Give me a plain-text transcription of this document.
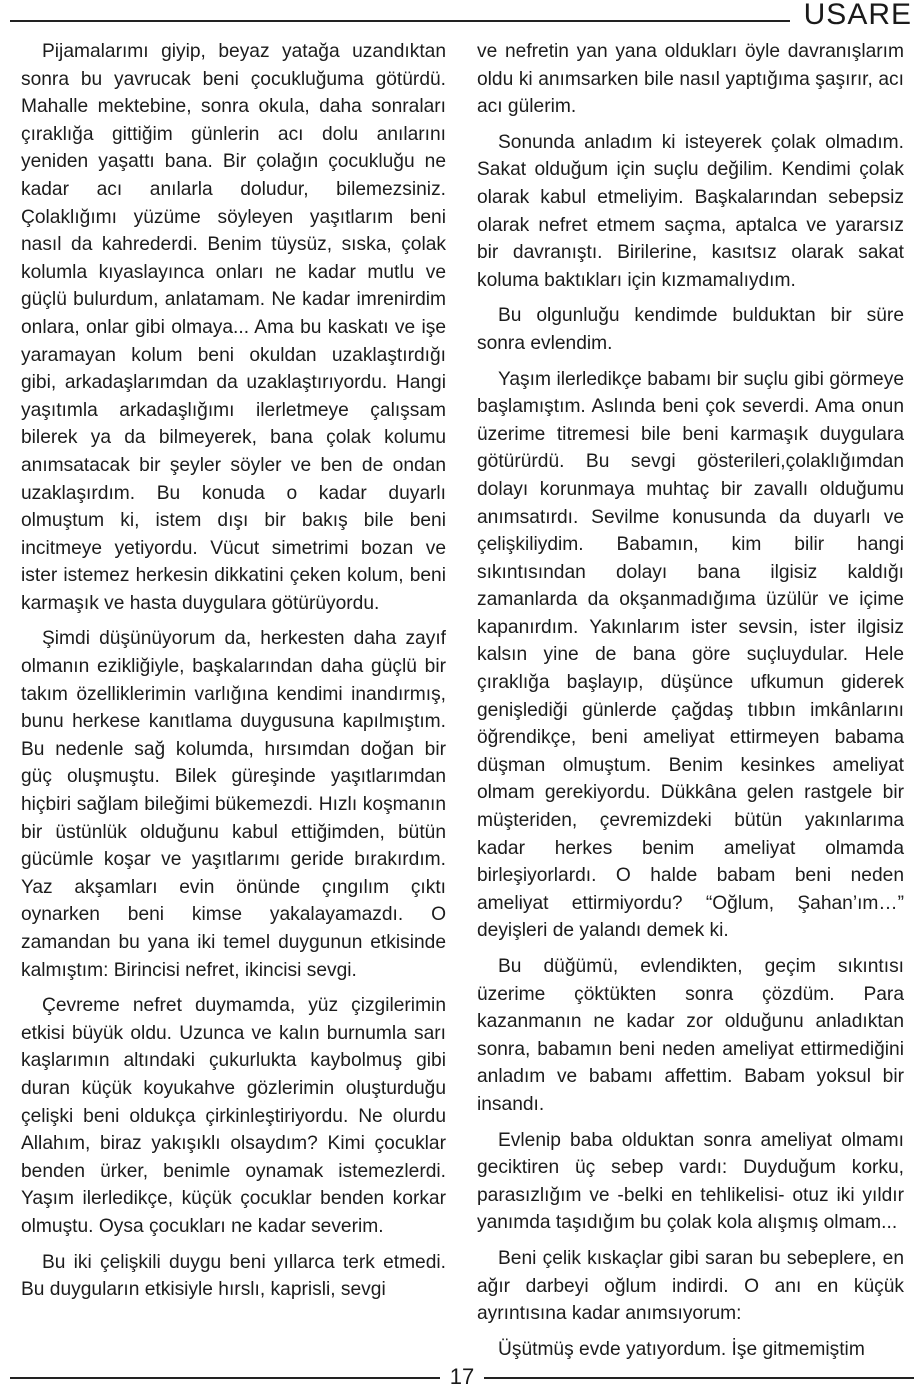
USARE

Pijamalarımı giyip, beyaz yatağa uzandıktan sonra bu yavrucak beni çocukluğuma götürdü. Mahalle mektebine, sonra okula, daha sonraları çıraklığa gittiğim günlerin acı dolu anılarını yeniden yaşattı bana. Bir çolağın çocukluğu ne kadar acı anılarla doludur, bilemezsiniz. Çolaklığımı yüzüme söyleyen yaşıtlarım beni nasıl da kahrederdi. Benim tüysüz, sıska, çolak kolumla kıyaslayınca onları ne kadar mutlu ve güçlü bulurdum, anlatamam. Ne kadar imrenirdim onlara, onlar gibi olmaya... Ama bu kaskatı ve işe yaramayan kolum beni okuldan uzaklaştırdığı gibi, arkadaşlarımdan da uzaklaştırıyordu. Hangi yaşıtımla arkadaşlığımı ilerletmeye çalışsam bilerek ya da bilmeyerek, bana çolak kolumu anımsatacak bir şeyler söyler ve ben de ondan uzaklaşırdım. Bu konuda o kadar duyarlı olmuştum ki, istem dışı bir bakış bile beni incitmeye yetiyordu. Vücut simetrimi bozan ve ister istemez herkesin dikkatini çeken kolum, beni karmaşık ve hasta duygulara götürüyordu.

Şimdi düşünüyorum da, herkesten daha zayıf olmanın ezikliğiyle, başkalarından daha güçlü bir takım özelliklerimin varlığına kendimi inandırmış, bunu herkese kanıtlama duygusuna kapılmıştım. Bu nedenle sağ kolumda, hırsımdan doğan bir güç oluşmuştu. Bilek güreşinde yaşıtlarımdan hiçbiri sağlam bileğimi bükemezdi. Hızlı koşmanın bir üstünlük olduğunu kabul ettiğimden, bütün gücümle koşar ve yaşıtlarımı geride bırakırdım. Yaz akşamları evin önünde çıngılım çıktı oynarken beni kimse yakalayamazdı. O zamandan bu yana iki temel duygunun etkisinde kalmıştım: Birincisi nefret, ikincisi sevgi.

Çevreme nefret duymamda, yüz çizgilerimin etkisi büyük oldu. Uzunca ve kalın burnumla sarı kaşlarımın altındaki çukurlukta kaybolmuş gibi duran küçük koyukahve gözlerimin oluşturduğu çelişki beni oldukça çirkinleştiriyordu. Ne olurdu Allahım, biraz yakışıklı olsaydım? Kimi çocuklar benden ürker, benimle oynamak istemezlerdi. Yaşım ilerledikçe, küçük çocuklar benden korkar olmuştu. Oysa çocukları ne kadar severim.

Bu iki çelişkili duygu beni yıllarca terk etmedi. Bu duyguların etkisiyle hırslı, kaprisli, sevgi

ve nefretin yan yana oldukları öyle davranışlarım oldu ki anımsarken bile nasıl yaptığıma şaşırır, acı acı gülerim.

Sonunda anladım ki isteyerek çolak olmadım. Sakat olduğum için suçlu değilim. Kendimi çolak olarak kabul etmeliyim. Başkalarından sebepsiz olarak nefret etmem saçma, aptalca ve yararsız bir davranıştı. Birilerine, kasıtsız olarak sakat koluma baktıkları için kızmamalıydım.

Bu olgunluğu kendimde bulduktan bir süre sonra evlendim.

Yaşım ilerledikçe babamı bir suçlu gibi görmeye başlamıştım. Aslında beni çok severdi. Ama onun üzerime titremesi bile beni karmaşık duygulara götürürdü. Bu sevgi gösterileri,çolaklığımdan dolayı korunmaya muhtaç bir zavallı olduğumu anımsatırdı. Sevilme konusunda da duyarlı ve çelişkiliydim. Babamın, kim bilir hangi sıkıntısından dolayı bana ilgisiz kaldığı zamanlarda da okşanmadığıma üzülür ve içime kapanırdım. Yakınlarım ister sevsin, ister ilgisiz kalsın yine de bana göre suçluydular. Hele çıraklığa başlayıp, düşünce ufkumun giderek genişlediği günlerde çağdaş tıbbın imkânlarını öğrendikçe, beni ameliyat ettirmeyen babama düşman olmuştum. Benim kesinkes ameliyat olmam gerekiyordu. Dükkâna gelen rastgele bir müşteriden, çevremizdeki bütün yakınlarıma kadar herkes benim ameliyat olmamda birleşiyorlardı. O halde babam beni neden ameliyat ettirmiyordu? “Oğlum, Şahan’ım…” deyişleri de yalandı demek ki.

Bu düğümü, evlendikten, geçim sıkıntısı üzerime çöktükten sonra çözdüm. Para kazanmanın ne kadar zor olduğunu anladıktan sonra, babamın beni neden ameliyat ettirmediğini anladım ve babamı affettim. Babam yoksul bir insandı.

Evlenip baba olduktan sonra ameliyat olmamı geciktiren üç sebep vardı: Duyduğum korku, parasızlığım ve -belki en tehlikelisi- otuz iki yıldır yanımda taşıdığım bu çolak kola alışmış olmam...

Beni çelik kıskaçlar gibi saran bu sebeplere, en ağır darbeyi oğlum indirdi. O anı en küçük ayrıntısına kadar anımsıyorum:

Üşütmüş evde yatıyordum. İşe gitmemiştim

17
